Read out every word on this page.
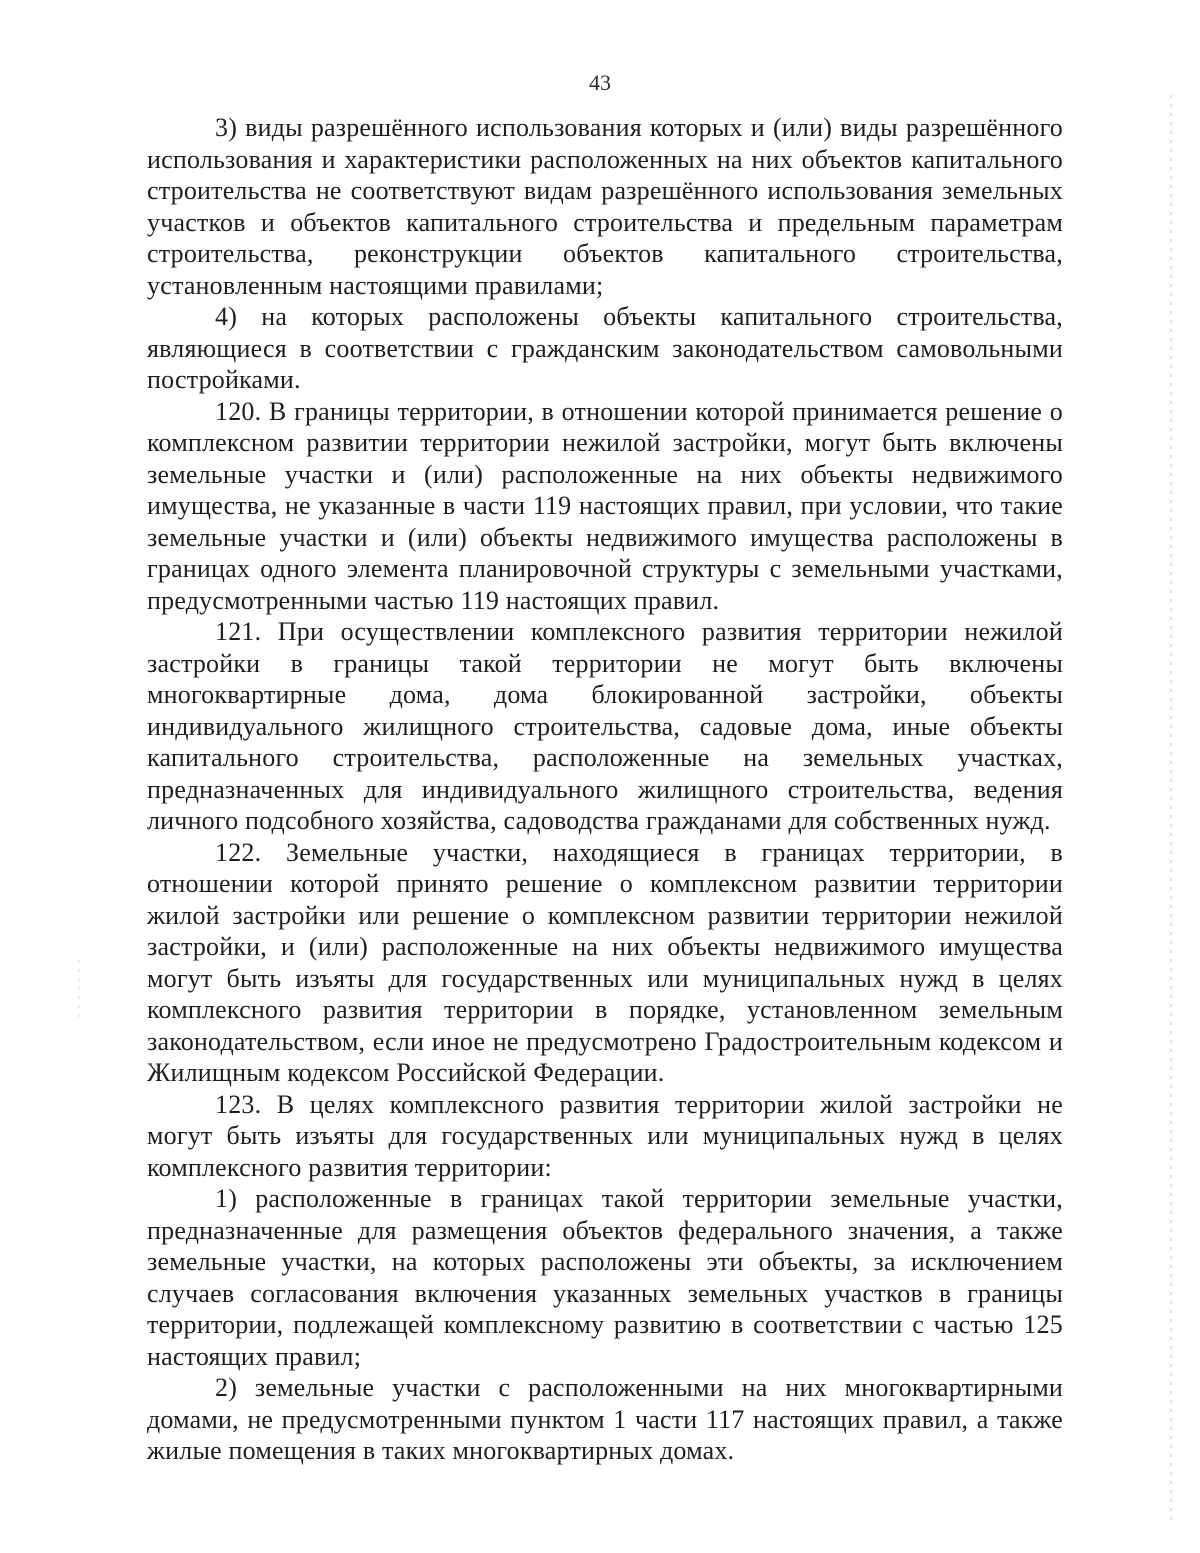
43

3) виды разрешённого использования которых и (или) виды разрешённого использования и характеристики расположенных на них объектов капитального строительства не соответствуют видам разрешённого использования земельных участков и объектов капитального строительства и предельным параметрам строительства, реконструкции объектов капитального строительства, установленным настоящими правилами;

4) на которых расположены объекты капитального строительства, являющиеся в соответствии с гражданским законодательством самовольными постройками.

120. В границы территории, в отношении которой принимается решение о комплексном развитии территории нежилой застройки, могут быть включены земельные участки и (или) расположенные на них объекты недвижимого имущества, не указанные в части 119 настоящих правил, при условии, что такие земельные участки и (или) объекты недвижимого имущества расположены в границах одного элемента планировочной структуры с земельными участками, предусмотренными частью 119 настоящих правил.

121. При осуществлении комплексного развития территории нежилой застройки в границы такой территории не могут быть включены многоквартирные дома, дома блокированной застройки, объекты индивидуального жилищного строительства, садовые дома, иные объекты капитального строительства, расположенные на земельных участках, предназначенных для индивидуального жилищного строительства, ведения личного подсобного хозяйства, садоводства гражданами для собственных нужд.

122. Земельные участки, находящиеся в границах территории, в отношении которой принято решение о комплексном развитии территории жилой застройки или решение о комплексном развитии территории нежилой застройки, и (или) расположенные на них объекты недвижимого имущества могут быть изъяты для государственных или муниципальных нужд в целях комплексного развития территории в порядке, установленном земельным законодательством, если иное не предусмотрено Градостроительным кодексом и Жилищным кодексом Российской Федерации.

123. В целях комплексного развития территории жилой застройки не могут быть изъяты для государственных или муниципальных нужд в целях комплексного развития территории:

1) расположенные в границах такой территории земельные участки, предназначенные для размещения объектов федерального значения, а также земельные участки, на которых расположены эти объекты, за исключением случаев согласования включения указанных земельных участков в границы территории, подлежащей комплексному развитию в соответствии с частью 125 настоящих правил;

2) земельные участки с расположенными на них многоквартирными домами, не предусмотренными пунктом 1 части 117 настоящих правил, а также жилые помещения в таких многоквартирных домах.
